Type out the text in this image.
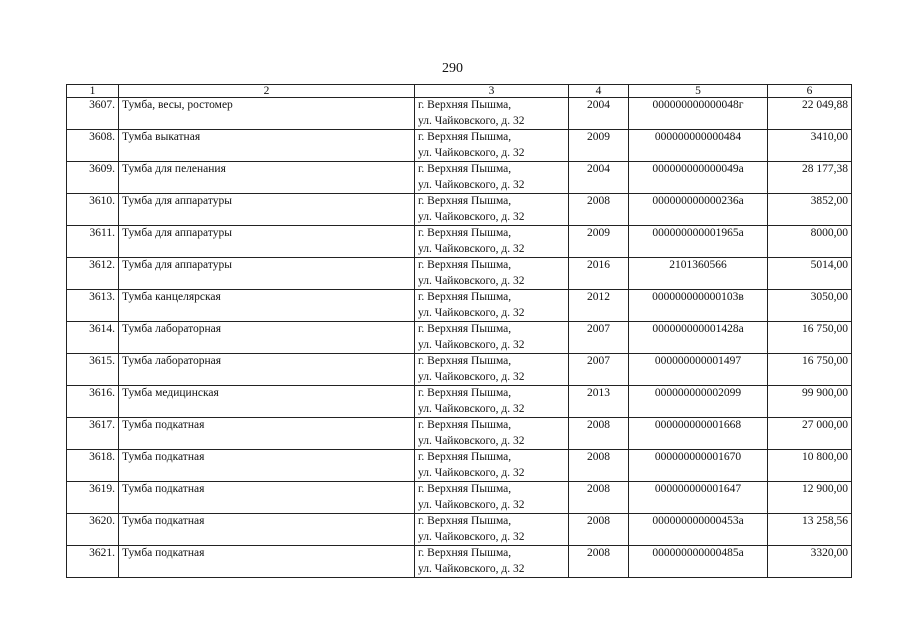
290
1	2	3	4	5	6
3607.	Тумба, весы, ростомер	г. Верхняя Пышма,
ул. Чайковского, д. 32	2004	000000000000048г	22 049,88
3608.	Тумба выкатная	г. Верхняя Пышма,
ул. Чайковского, д. 32	2009	000000000000484	3410,00
3609.	Тумба для пеленания	г. Верхняя Пышма,
ул. Чайковского, д. 32	2004	000000000000049а	28 177,38
3610.	Тумба для аппаратуры	г. Верхняя Пышма,
ул. Чайковского, д. 32	2008	000000000000236а	3852,00
3611.	Тумба для аппаратуры	г. Верхняя Пышма,
ул. Чайковского, д. 32	2009	000000000001965а	8000,00
3612.	Тумба для аппаратуры	г. Верхняя Пышма,
ул. Чайковского, д. 32	2016	2101360566	5014,00
3613.	Тумба канцелярская	г. Верхняя Пышма,
ул. Чайковского, д. 32	2012	000000000000103в	3050,00
3614.	Тумба лабораторная	г. Верхняя Пышма,
ул. Чайковского, д. 32	2007	000000000001428а	16 750,00
3615.	Тумба лабораторная	г. Верхняя Пышма,
ул. Чайковского, д. 32	2007	000000000001497	16 750,00
3616.	Тумба медицинская	г. Верхняя Пышма,
ул. Чайковского, д. 32	2013	000000000002099	99 900,00
3617.	Тумба подкатная	г. Верхняя Пышма,
ул. Чайковского, д. 32	2008	000000000001668	27 000,00
3618.	Тумба подкатная	г. Верхняя Пышма,
ул. Чайковского, д. 32	2008	000000000001670	10 800,00
3619.	Тумба подкатная	г. Верхняя Пышма,
ул. Чайковского, д. 32	2008	000000000001647	12 900,00
3620.	Тумба подкатная	г. Верхняя Пышма,
ул. Чайковского, д. 32	2008	000000000000453а	13 258,56
3621.	Тумба подкатная	г. Верхняя Пышма,
ул. Чайковского, д. 32	2008	000000000000485а	3320,00
